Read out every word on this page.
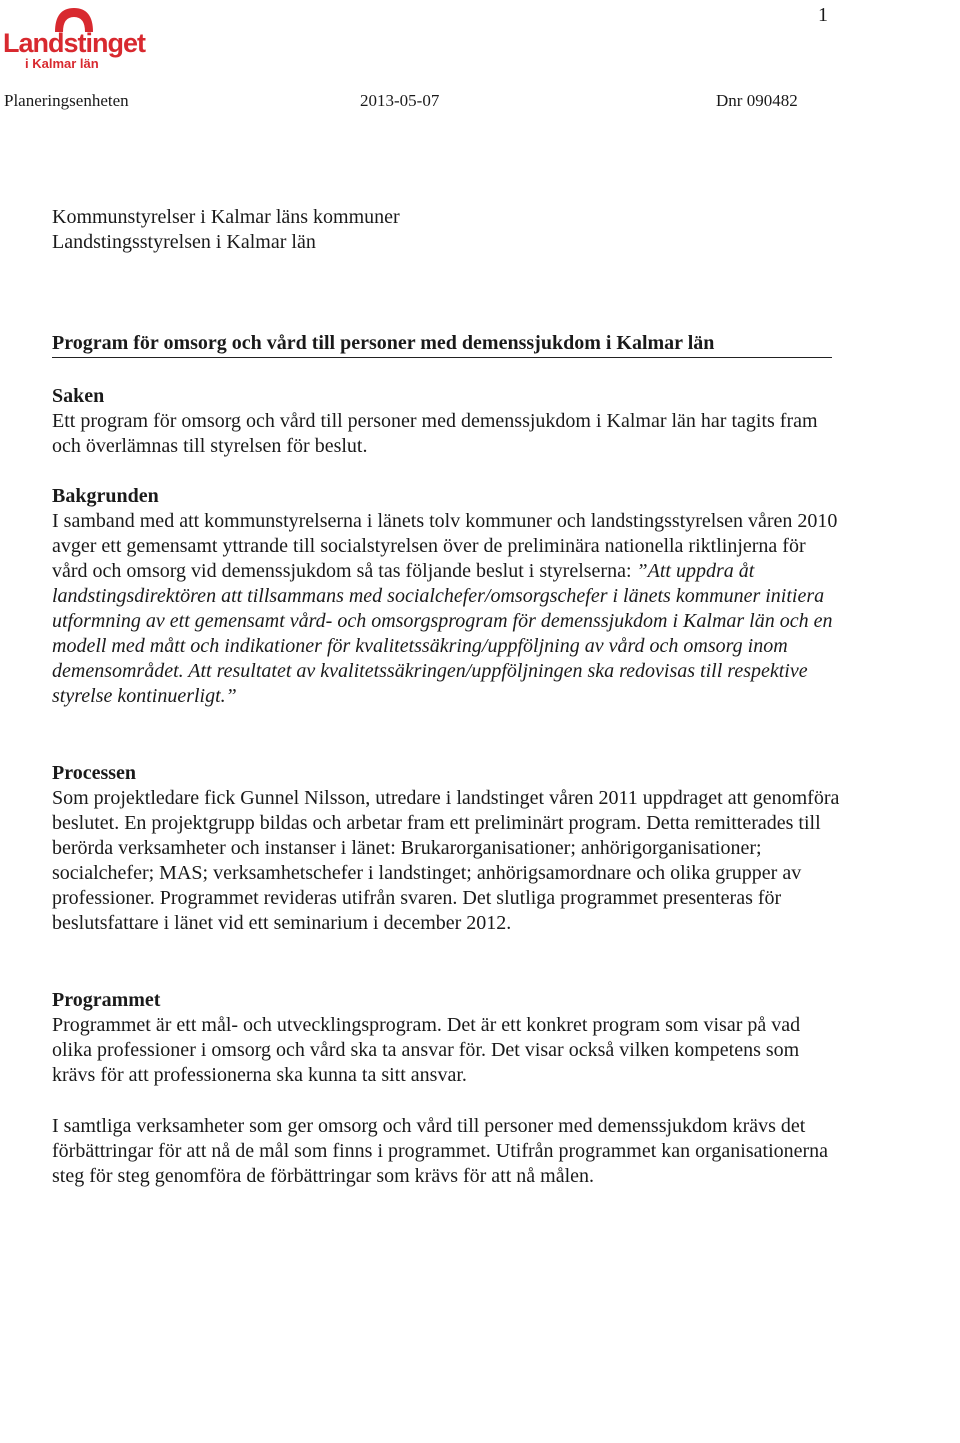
1
Landstinget
i Kalmar län
Planeringsenheten	2013-05-07	Dnr 090482
Kommunstyrelser i Kalmar läns kommuner
Landstingsstyrelsen i Kalmar län
Program för omsorg och vård till personer med demenssjukdom i Kalmar län
Saken

Ett program för omsorg och vård till personer med demenssjukdom i Kalmar län har tagits fram och överlämnas till styrelsen för beslut.

Bakgrunden

I samband med att kommunstyrelserna i länets tolv kommuner och landstingsstyrelsen våren 2010 avger ett gemensamt yttrande till socialstyrelsen över de preliminära nationella riktlinjerna för vård och omsorg vid demenssjukdom så tas följande beslut i styrelserna: ”Att uppdra åt landstingsdirektören att tillsammans med socialchefer/omsorgschefer i länets kommuner initiera utformning av ett gemensamt vård- och omsorgsprogram för demenssjukdom i Kalmar län och en modell med mått och indikationer för kvalitetssäkring/uppföljning av vård och omsorg inom demensområdet. Att resultatet av kvalitetssäkringen/uppföljningen ska redovisas till respektive styrelse kontinuerligt.”

Processen

Som projektledare fick Gunnel Nilsson, utredare i landstinget våren 2011 uppdraget att genomföra beslutet. En projektgrupp bildas och arbetar fram ett preliminärt program. Detta remitterades till berörda verksamheter och instanser i länet: Brukarorganisationer; anhörigorganisationer; socialchefer; MAS; verksamhetschefer i landstinget; anhörigsamordnare och olika grupper av professioner. Programmet revideras utifrån svaren. Det slutliga programmet presenteras för beslutsfattare i länet vid ett seminarium i december 2012.

Programmet

Programmet är ett mål- och utvecklingsprogram. Det är ett konkret program som visar på vad olika professioner i omsorg och vård ska ta ansvar för. Det visar också vilken kompetens som krävs för att professionerna ska kunna ta sitt ansvar.

I samtliga verksamheter som ger omsorg och vård till personer med demenssjukdom krävs det förbättringar för att nå de mål som finns i programmet. Utifrån programmet kan organisationerna steg för steg genomföra de förbättringar som krävs för att nå målen.
